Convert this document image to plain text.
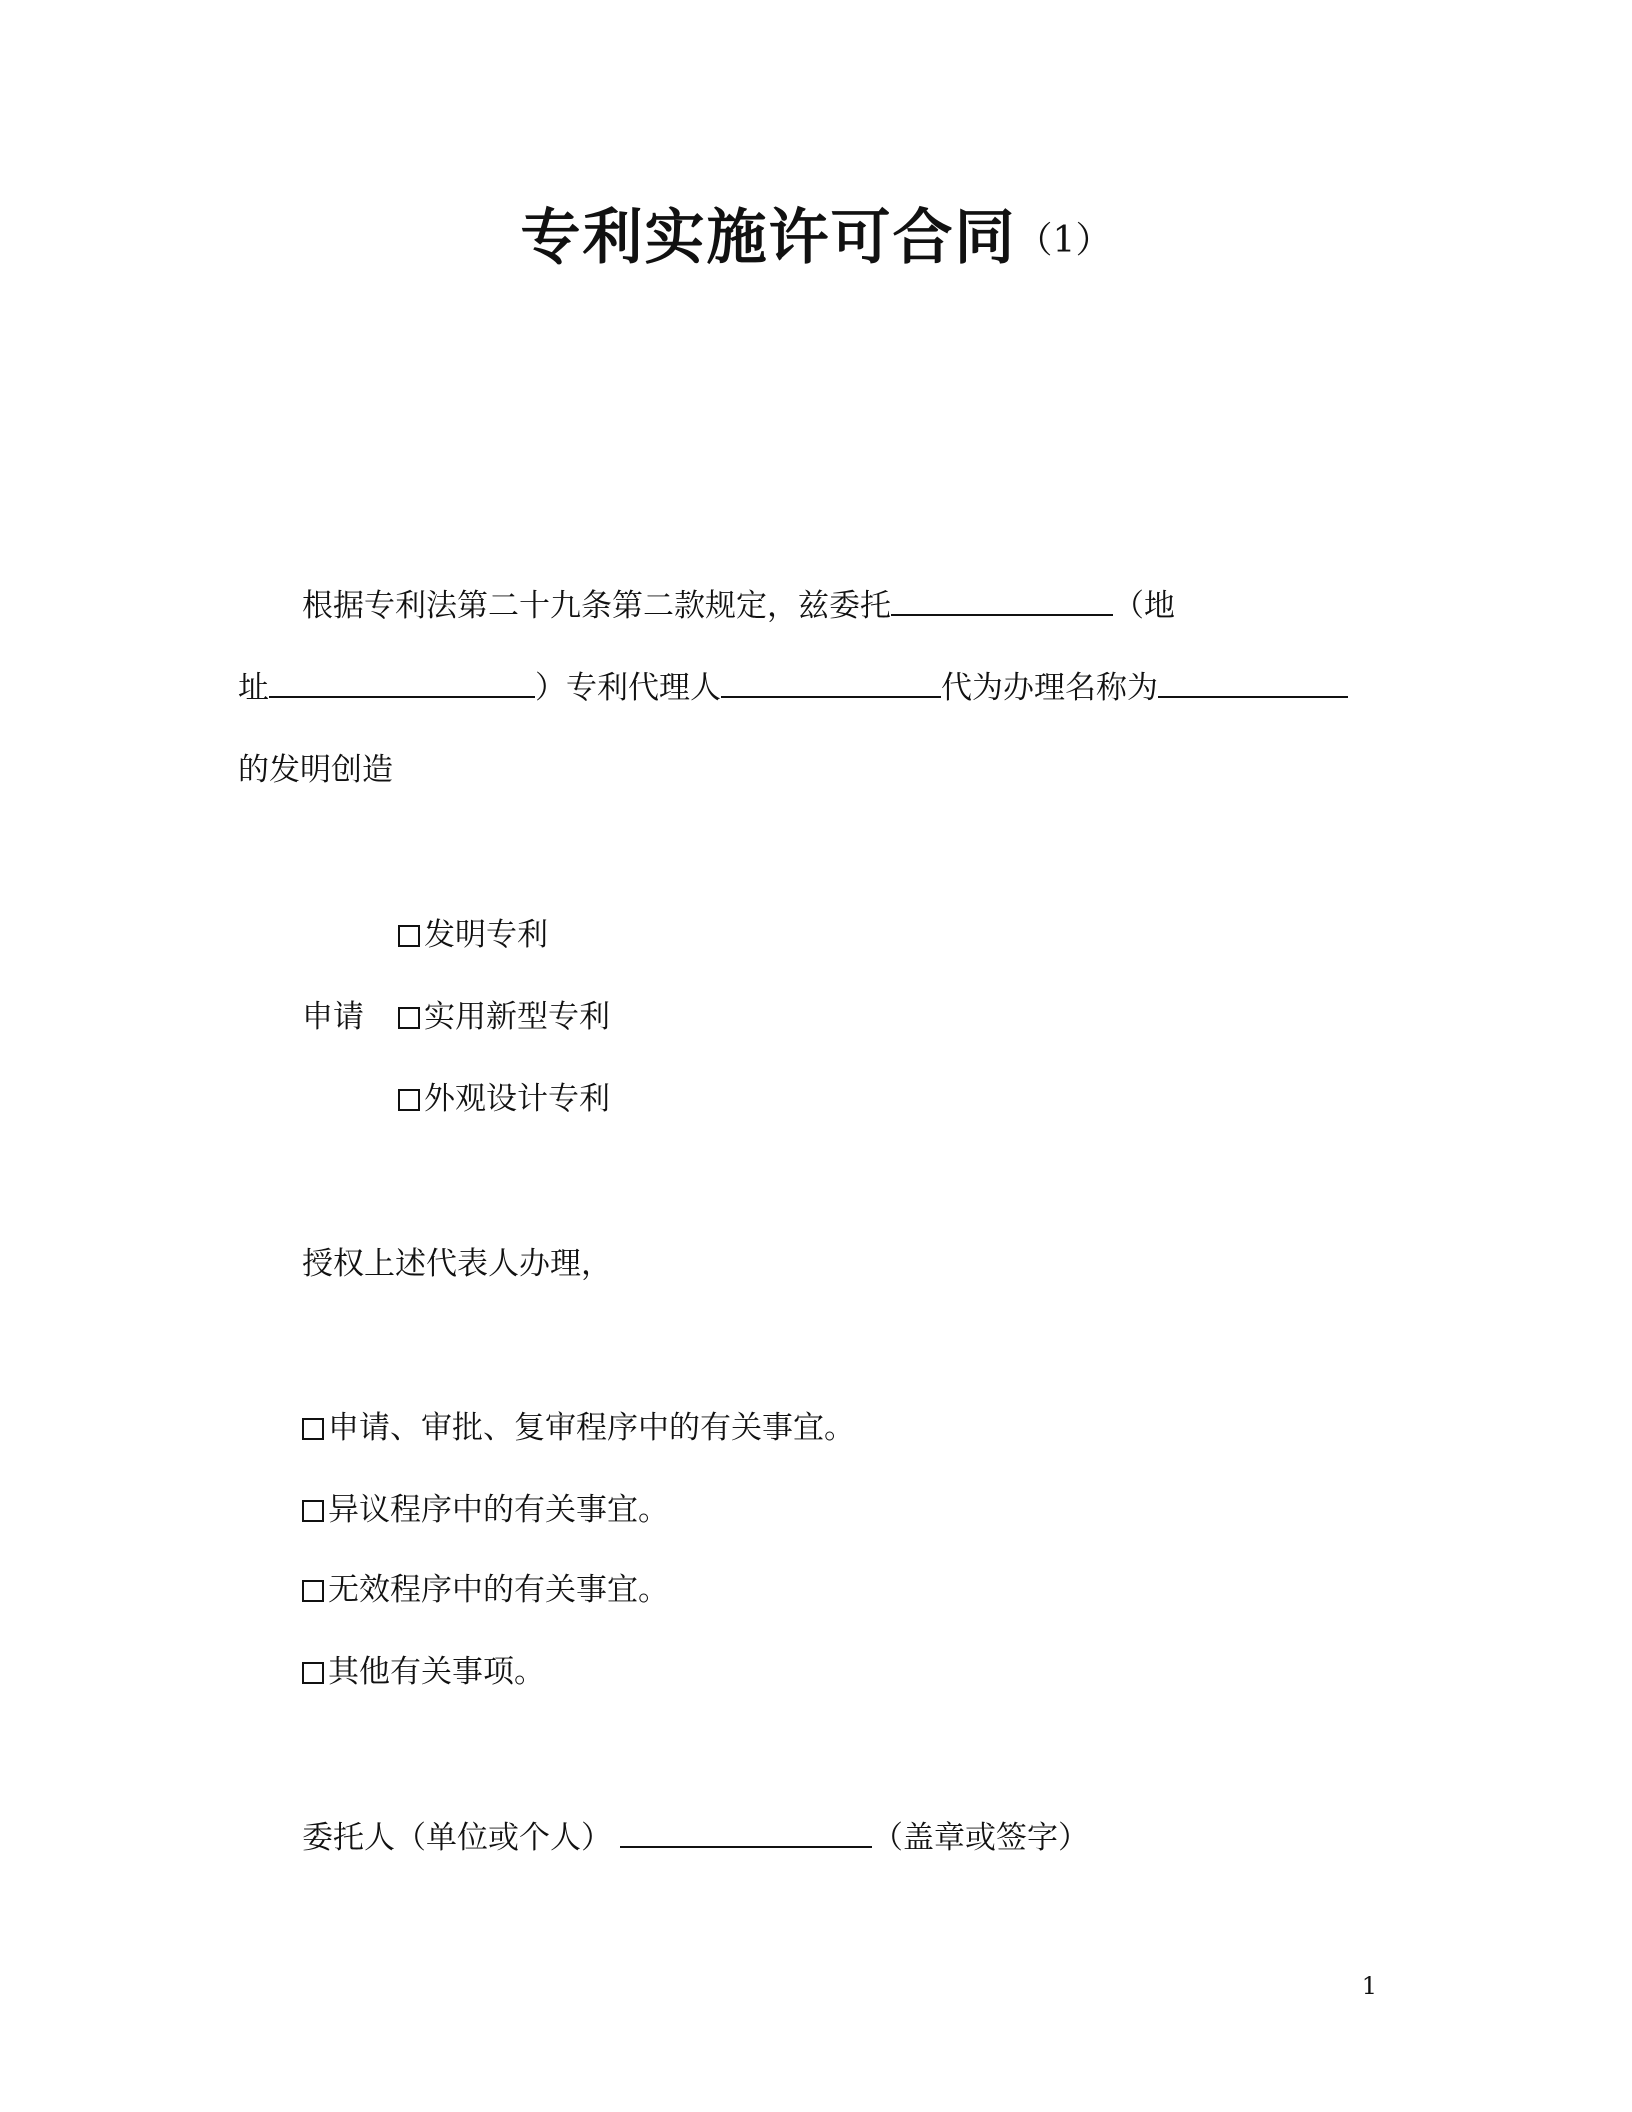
专利实施许可合同（1）
根据专利法第二十九条第二款规定，兹委托	（地
址	）专利代理人	代为办理名称为
的发明创造
发明专利
申请	实用新型专利
外观设计专利
授权上述代表人办理，
申请、审批、复审程序中的有关事宜。
异议程序中的有关事宜。
无效程序中的有关事宜。
其他有关事项。
委托人（单位或个人）	（盖章或签字）
1
